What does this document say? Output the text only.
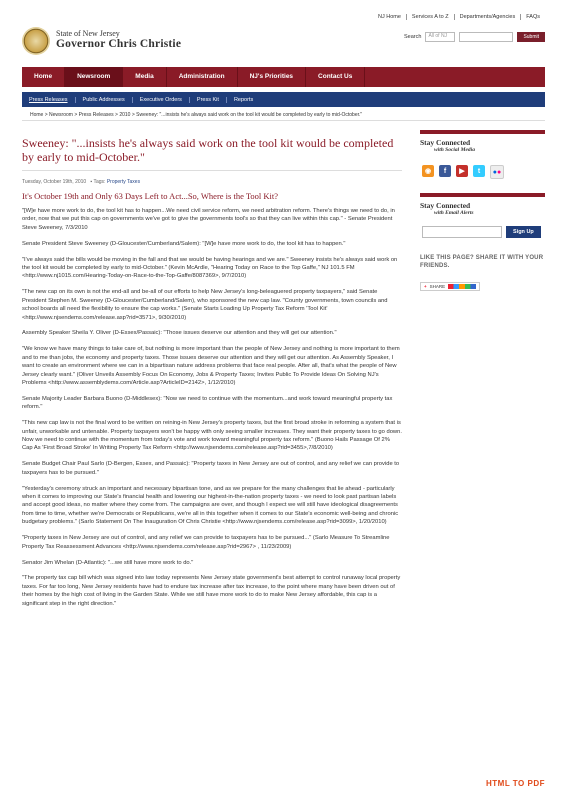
NJ Home	Services A to Z	Departments/Agencies	FAQs
State of New Jersey
Governor Chris Christie
Search	All of NJ	Submit
Home	Newsroom	Media	Administration	NJ's Priorities	Contact Us
Press Releases	Public Addresses	Executive Orders	Press Kit	Reports
Home > Newsroom > Press Releases > 2010 > Sweeney: "...insists he's always said work on the tool kit would be completed by early to mid-October."
Sweeney: "...insists he's always said work on the tool kit would be completed by early to mid-October."
Tuesday, October 19th, 2010   ▪ Tags: Property Taxes
It's October 19th and Only 63 Days Left to Act...So, Where is the Tool Kit?

"[W]e have more work to do, the tool kit has to happen...We need civil service reform, we need arbitration reform. There's things we need to do, in order, now that we put this cap on governments we've got to give the governments tool's so that they can live within this cap." - Senate President Steve Sweeney, 7/3/2010

Senate President Steve Sweeney (D-Gloucester/Cumberland/Salem): "[W]e have more work to do, the tool kit has to happen."

"I've always said the bills would be moving in the fall and that we would be having hearings and we are." Sweeney insists he's always said work on the tool kit would be completed by early to mid-October." (Kevin McArdle, "Hearing Today on Race to the Top Gaffe," NJ 101.5 FM <http://www.nj1015.com/Hearing-Today-on-Race-to-the-Top-Gaffe/8087369>, 9/7/2010)

"The new cap on its own is not the end-all and be-all of our efforts to help New Jersey's long-beleaguered property taxpayers," said Senate President Stephen M. Sweeney (D-Gloucester/Cumberland/Salem), who sponsored the new cap law. "County governments, town councils and school boards all need the flexibility to ensure the cap works." (Senate Starts Loading Up Property Tax Reform 'Tool Kit' <http://www.njsendems.com/release.asp?rid=3571>, 9/30/2010)

Assembly Speaker Sheila Y. Oliver (D-Essex/Passaic): "Those issues deserve our attention and they will get our attention."

"We know we have many things to take care of, but nothing is more important than the people of New Jersey and nothing is more important to them and to me than jobs, the economy and property taxes. Those issues deserve our attention and they will get our attention. As Assembly Speaker, I want to create an environment where we can in a bipartisan nature address problems that face real people. After all, that's what the people of New Jersey clearly want." (Oliver Unveils Assembly Focus On Economy, Jobs & Property Taxes; Invites Public To Provide Ideas On Solving NJ's Problems <http://www.assemblydems.com/Article.asp?ArticleID=2142>, 1/12/2010)

Senate Majority Leader Barbara Buono (D-Middlesex): "Now we need to continue with the momentum...and work toward meaningful property tax reform."

"This new cap law is not the final word to be written on reining-in New Jersey's property taxes, but the first broad stroke in reforming a system that is unfair, unworkable and untenable. Property taxpayers won't be happy with only seeing smaller increases. They want their property taxes to go down. Now we need to continue with the momentum from today's vote and work toward meaningful property tax reform." (Buono Hails Passage Of 2% Cap As 'First Broad Stroke' In Writing Property Tax Reform <http://www.njsendems.com/release.asp?rid=3455>,7/8/2010)

Senate Budget Chair Paul Sarlo (D-Bergen, Essex, and Passaic): "Property taxes in New Jersey are out of control, and any relief we can provide to taxpayers has to be pursued."

"Yesterday's ceremony struck an important and necessary bipartisan tone, and as we prepare for the many challenges that lie ahead - particularly when it comes to improving our State's financial health and lowering our highest-in-the-nation property taxes - we need to look past partisan labels and accept good ideas, no matter where they come from. The campaigns are over, and though I expect we will still have ideological disagreements from time to time, whether we're Democrats or Republicans, we're all in this together when it comes to our State's economic well-being and chronic budgetary problems." (Sarlo Statement On The Inauguration Of Chris Christie <http://www.njsendems.com/release.asp?rid=3099>, 1/20/2010)

"Property taxes in New Jersey are out of control, and any relief we can provide to taxpayers has to be pursued..." (Sarlo Measure To Streamline Property Tax Reassessment Advances <http://www.njsendems.com/release.asp?rid=2967> , 11/23/2009)

Senator Jim Whelan (D-Atlantic): "...we still have more work to do."

"The property tax cap bill which was signed into law today represents New Jersey state government's best attempt to control runaway local property taxes. For far too long, New Jersey residents have had to endure tax increase after tax increase, to the point where many have been driven out of their homes by the high cost of living in the Garden State. While we still have more work to do to make New Jersey affordable, this cap is a significant step in the right direction."

Stay Connected
with Social Media
◉	f	▶	t	● ●
Stay Connected
with Email Alerts
Sign Up
LIKE THIS PAGE? SHARE IT WITH YOUR FRIENDS.
+ SHARE
HTML TO PDF
